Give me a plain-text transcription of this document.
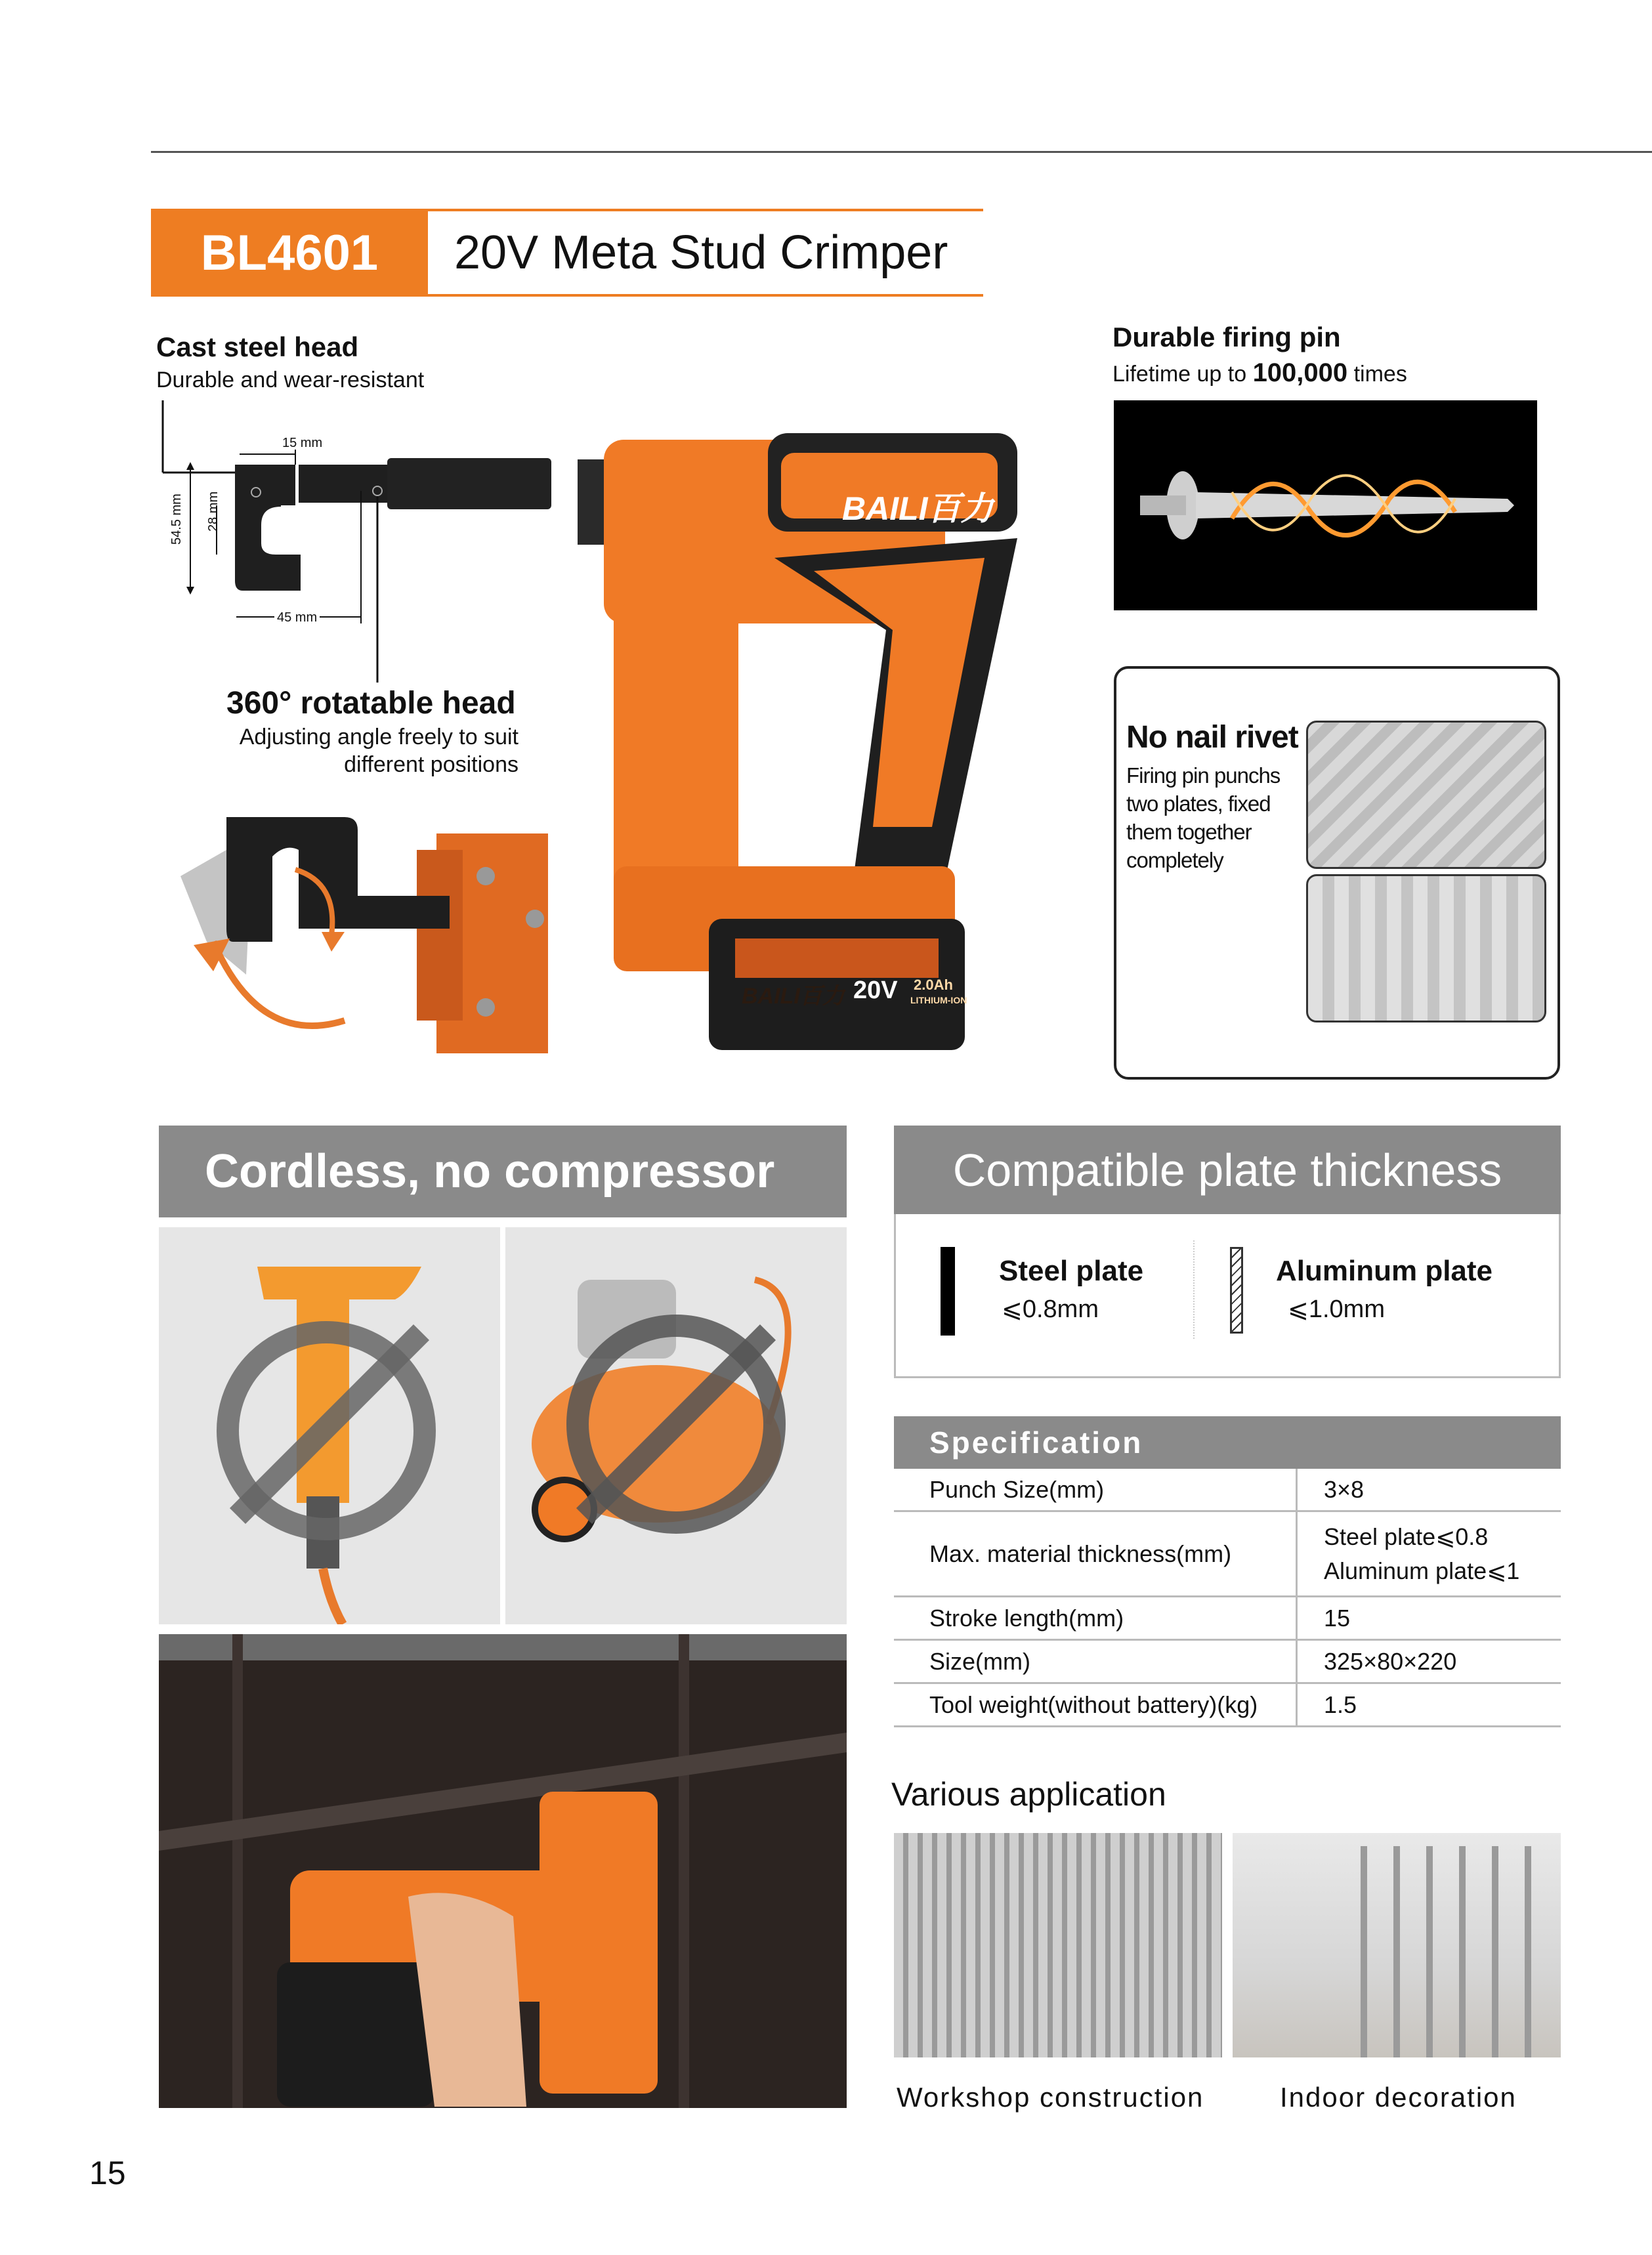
BL4601	20V Meta Stud Crimper
Cast steel head
Durable and wear-resistant
15 mm
54.5 mm 28 mm
45 mm
360° rotatable head
Adjusting angle freely to suit
different positions
BAILI百力
BAILI百力 20V 2.0Ah
LITHIUM-ION
Durable firing pin
Lifetime up to 100,000 times
No nail rivet
Firing pin punchs
two plates, fixed
them together
completely
Cordless, no compressor	Compatible plate thickness
Steel plate
⩽0.8mm
Aluminum plate
⩽1.0mm
Specification
Punch Size(mm)	3×8
Max. material thickness(mm)
Steel plate⩽0.8
Aluminum plate⩽1
Stroke length(mm)	15
Size(mm)	325×80×220
Tool weight(without battery)(kg)	1.5
Various application
Workshop construction	Indoor decoration
15
